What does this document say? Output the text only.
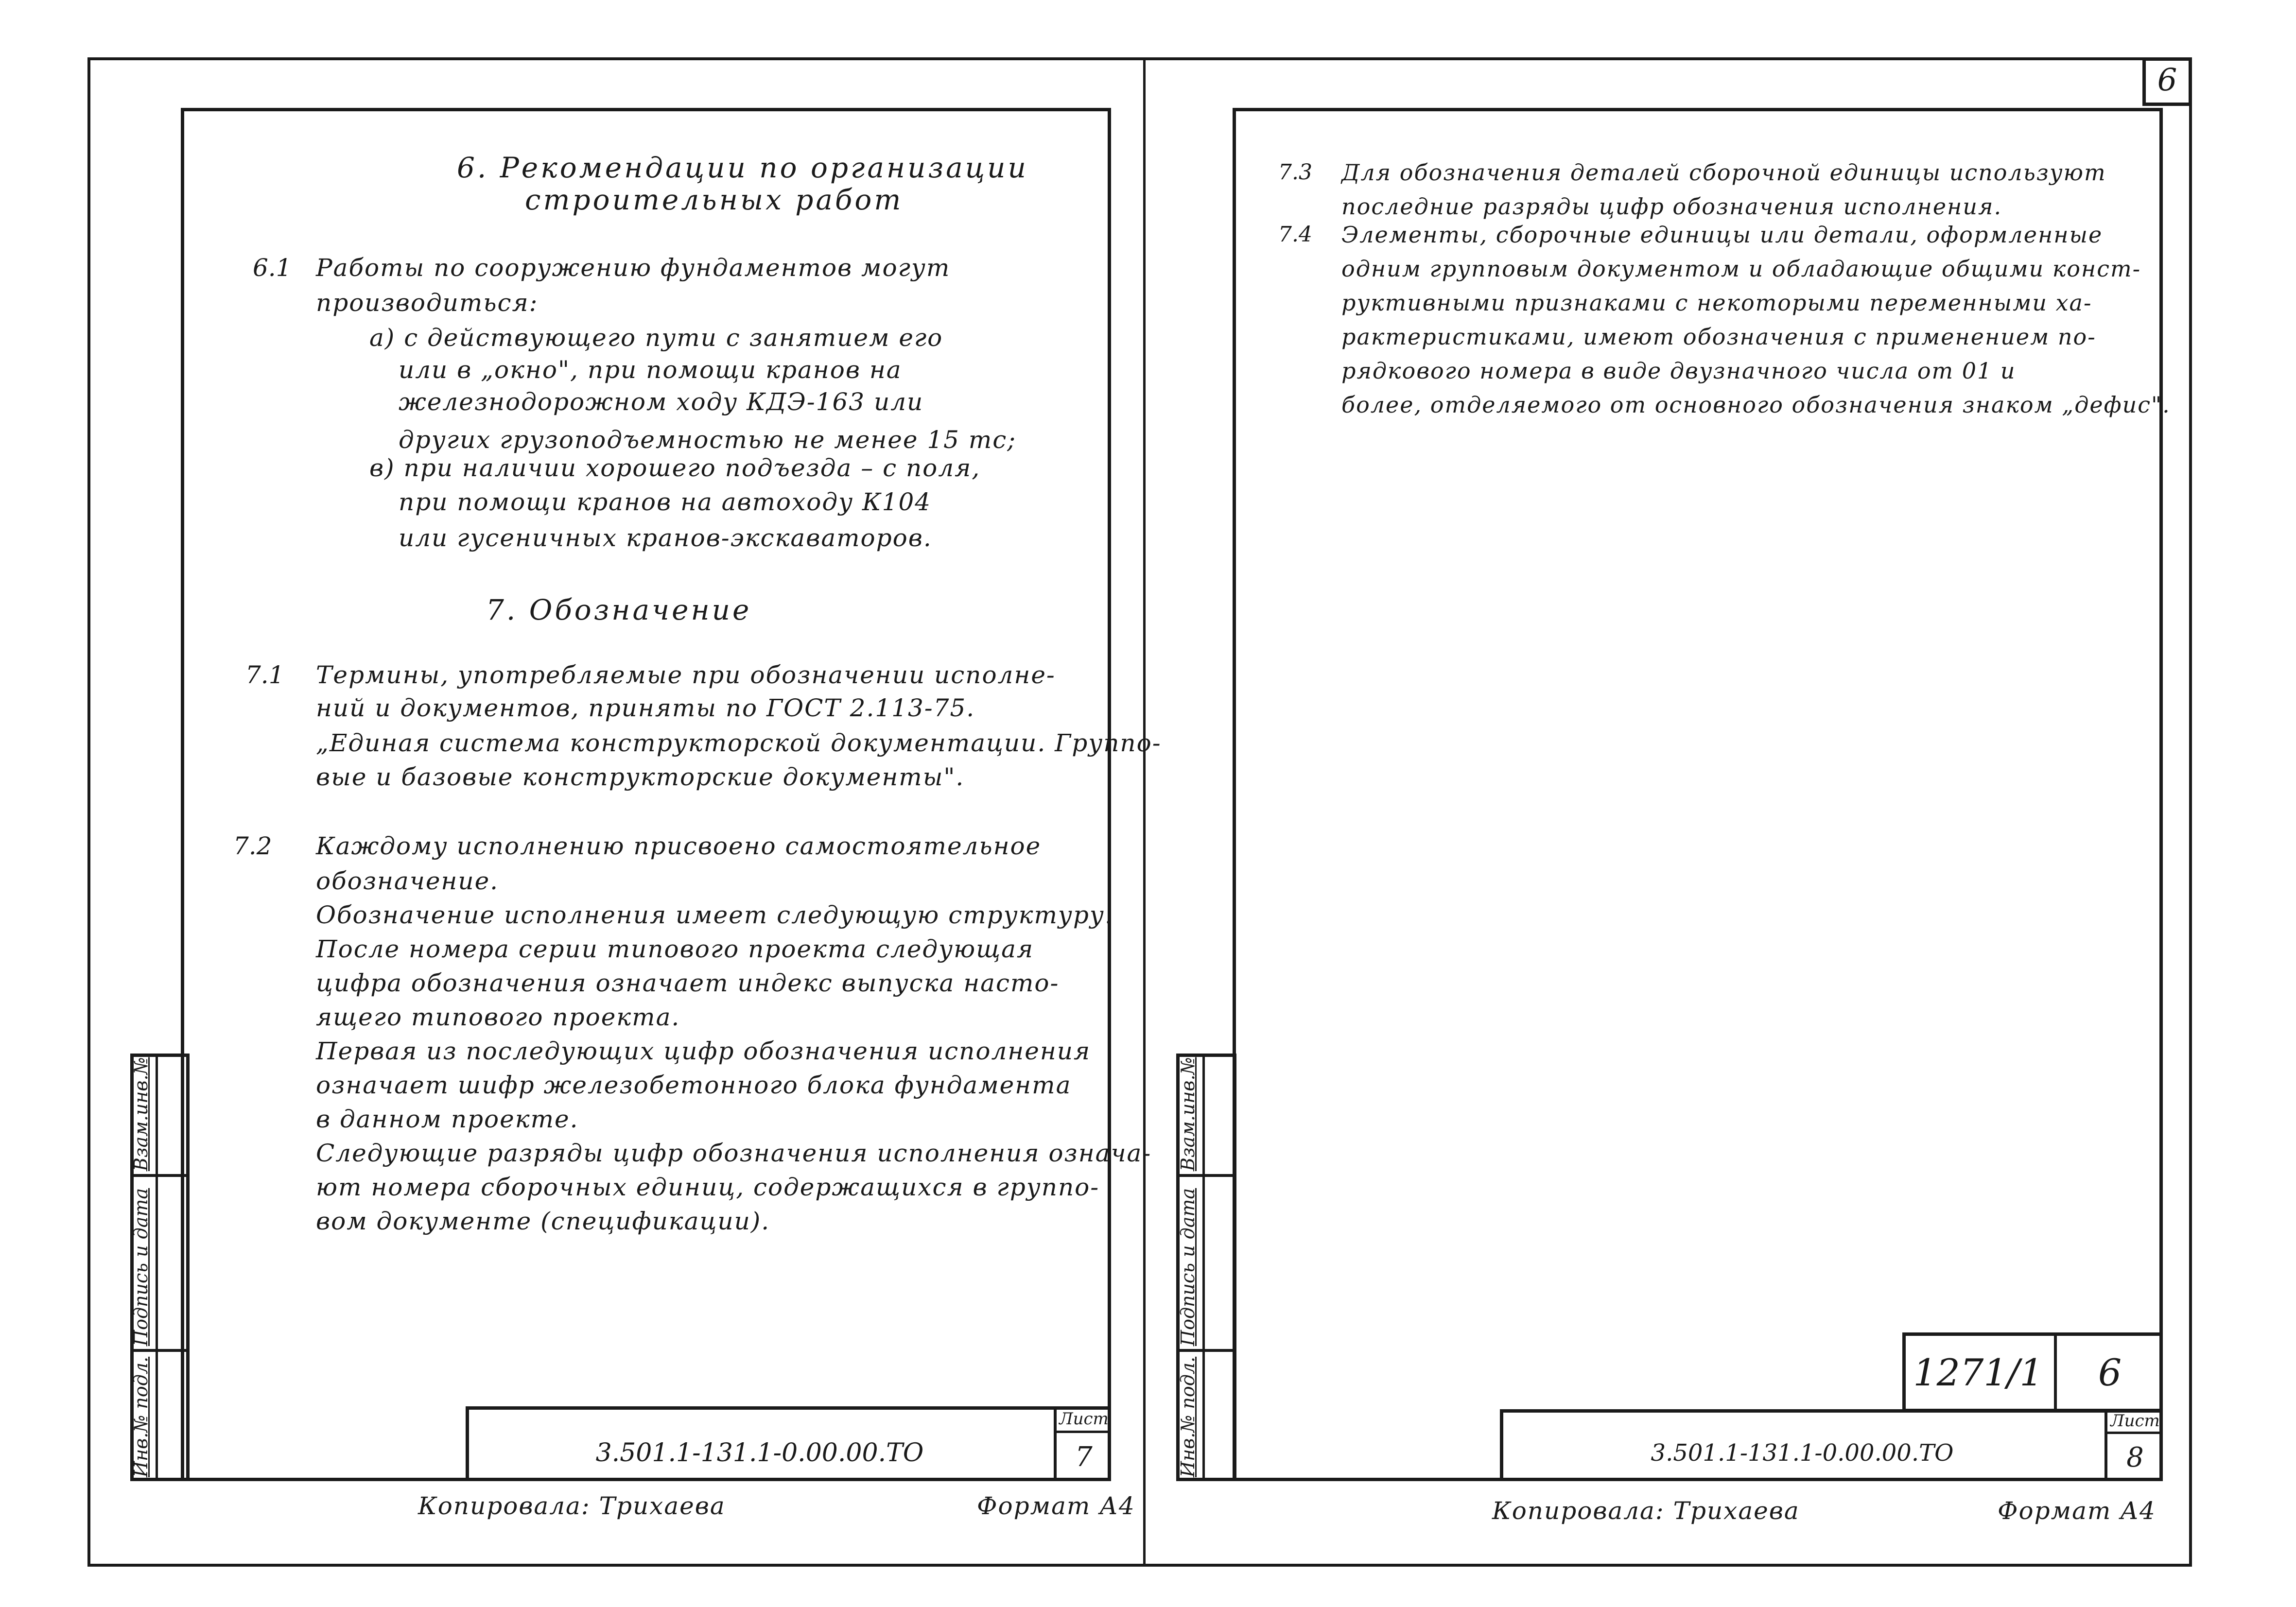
6
Инв.№ подл.
Подпись и дата
Взам.инв.№
6. Рекомендации по организации
строительных работ
6.1 Работы по сооружению фундаментов могут
производиться:
а) с действующего пути с занятием его
или в „окно", при помощи кранов на
железнодорожном ходу КДЭ-163 или
других грузоподъемностью не менее 15 тс;
в) при наличии хорошего подъезда – с поля,
при помощи кранов на автоходу К104
или гусеничных кранов-экскаваторов.
7. Обозначение
7.1 Термины, употребляемые при обозначении исполне-
ний и документов, приняты по ГОСТ 2.113-75.
„Единая система конструкторской документации. Группо-
вые и базовые конструкторские документы".
7.2 Каждому исполнению присвоено самостоятельное
обозначение.
Обозначение исполнения имеет следующую структуру.
После номера серии типового проекта следующая
цифра обозначения означает индекс выпуска насто-
ящего типового проекта.
Первая из последующих цифр обозначения исполнения
означает шифр железобетонного блока фундамента
в данном проекте.
Следующие разряды цифр обозначения исполнения означа-
ют номера сборочных единиц, содержащихся в группо-
вом документе (спецификации).
3.501.1-131.1-0.00.00.ТО
Лист
7
Копировала: Трихаева	Формат А4
Инв.№ подл.
Подпись и дата
Взам.инв.№
7.3 Для обозначения деталей сборочной единицы используют
последние разряды цифр обозначения исполнения.
7.4 Элементы, сборочные единицы или детали, оформленные
одним групповым документом и обладающие общими конст-
руктивными признаками с некоторыми переменными ха-
рактеристиками, имеют обозначения с применением по-
рядкового номера в виде двузначного числа от 01 и
более, отделяемого от основного обозначения знаком „дефис".
1271/1	6
3.501.1-131.1-0.00.00.ТО
Лист
8
Копировала: Трихаева	Формат А4
